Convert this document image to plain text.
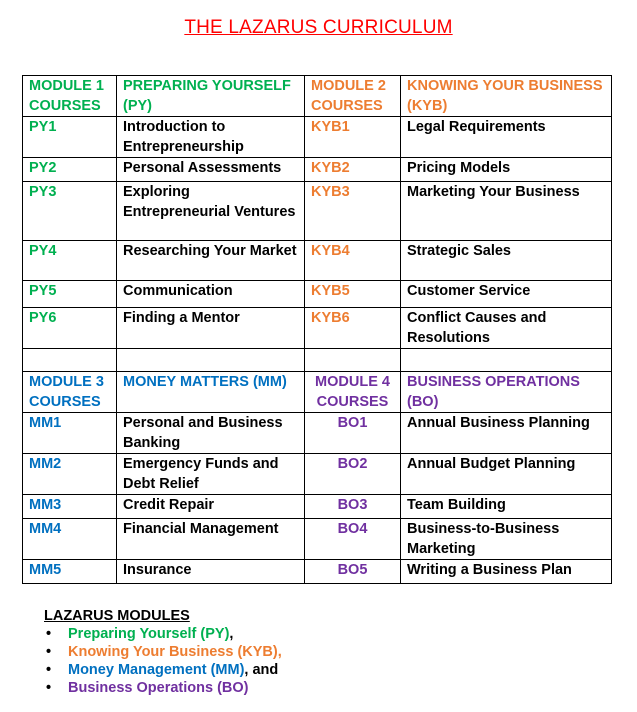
THE LAZARUS CURRICULUM
MODULE 1 COURSES	PREPARING YOURSELF (PY)	MODULE 2 COURSES	KNOWING YOUR BUSINESS (KYB)
PY1	Introduction to Entrepreneurship	KYB1	Legal Requirements
PY2	Personal Assessments	KYB2	Pricing Models
PY3	Exploring Entrepreneurial Ventures	KYB3	Marketing Your Business
PY4	Researching Your Market	KYB4	Strategic Sales
PY5	Communication	KYB5	Customer Service
PY6	Finding a Mentor	KYB6	Conflict Causes and Resolutions

MODULE 3 COURSES	MONEY MATTERS (MM)	MODULE 4 COURSES	BUSINESS OPERATIONS (BO)
MM1	Personal and Business Banking	BO1	Annual Business Planning
MM2	Emergency Funds and Debt Relief	BO2	Annual Budget Planning
MM3	Credit Repair	BO3	Team Building
MM4	Financial Management	BO4	Business-to-Business Marketing
MM5	Insurance	BO5	Writing a Business Plan
LAZARUS MODULES
• Preparing Yourself (PY),
• Knowing Your Business (KYB),
• Money Management (MM), and
• Business Operations (BO)
